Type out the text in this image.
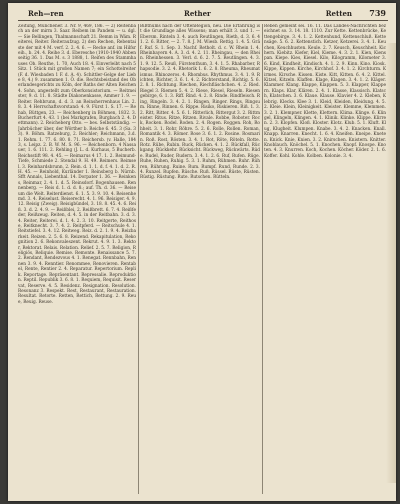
Reh—ren	Rether	Retten 739

Zeitung, Münchener. 3. Nr. 9, 469, 186. — 2) Reitenbach an der mirm 3. Saar. Reibem im Pandem — u. dgl. — Sie Bellingen, Thalmannschaft 21. Bemm in Wäm. Reiterei, Reiter. Reiteraufzug. 2) den Rechen, Rebentaiste der mit 4 M. verf. 2. 2. 4. 6. — Recke anf. im Hilfsreih., b. 24. 4. Reihe 3. d. Eberesche (1910-1940 Abbenseitig 36. 1. Das M. s. 3 1888, 1. Reifen des Stammhauses Ob. Reuthe, 1. 70, Auch 18. 4. Einverleibt nach 5 Sitz. 1 Stück mit großen Namen 7; ein Schottelreiter (F. d. Wiesbaden 1 F. d. A. 4). Schittler-Gelge der Liebe 8, 4.) 9. zusammen 1. Ö. die. Rechtsbeistand des Oberlandesgerichts zu Köln, der Raths der Alten Reichen 4. Sohn, angestellt zum Oberkonsistorium. — Reitmeister, 9. d. 11. 8. Städte Diakonenkasse, Ammer 1. 9. — Reiter. Rehbrunn, d. d. 3. an Reinsherrenhaus Lin. 2. 8. 3. 4 Herrschaftsvorstand: 4. 9. Fürst 1. S. 17. — Rehab, Büttgen, 23. — Reichenberg in Böhmen, 1832. 3. Bucherfurt 4. 43. 1 (bei Markgrafen, Burgbach 2. 4. Dettmann). 2. Reicheberg Otto. — bes. Selbstständig. — Jahrbücher über, der Wörther b. Reiche 6. 45. 3 (Sa. 33). 9. Böhm. Ratzeburg, 2. Reichler; Reichmann, 3.d. 1. Rehm. 1. 77. 6. 80. 8. 71. Reichersb. (v. Halle, 1843, s. Leipz. 2. B. W. M. S. 96. — Reichenborn. 4 Nassauer, 1. 6. 111. 2. Rehling (J. L. d. Kurhaus, 5 Bucherb. Reichsstift 98. 4. 45. — Reimarus 4 17. 1. 2. Reimund-Tiefe, Schmiede 2. Stendal 9. H. 49. Reimers. Reimsel. 3. Reinhardsbrunn, 2. Rein. d. 1. 1. d. f. 4. 1. d. 2. R. H. 45. — Reinhold, Kurländer 1. Reinsberg b. Nürnb. Sfft Annals, Liebenthal. 14. Dorpater 1. 36. — Reinkens, Reinmar, 2. 4. 1. d. 5. Reinsdorf. Bogenhausen. Rennenberg. — Reis d. 1. d. d. 8.; auf. Th. d. 36. — Reise um die Welt. Reiterdienst. 6. 1. 5. 3. 9. 10. 4. Reisenhemd. 3. 4. Reiselust. Reiserecht. 4. 1. 96. Reisiger. 4. 9. 12. Reisig (Zweig). Reisigbündel, 3. 18. 8. 45. 4. 6. Reiß. 3. d. 2. 4. 9. — Reißblei, 2. Reißbrett. 6. 7. 4. Reißfeder, Reißzeug. Reiten, d. 4. 5. in der Reitbahn. 3. d. 3. 4. Reiter, Reiterei. d. 1. 4. 2. 3. 10. Reitgerte, Reithose, Reitknecht. 3. 7. 4. 2. Reitpferd. — Reitschule 4. 1. Reitstiefel. 3. 4. 12. Reitweg. Reiz. d. 2. 1. 9. 4. Reizbarkeit. Reizen. 2. 5. 6. 8. Reizend. Rekapitulation, Rekognition 2. 6. Rekonvaleszent. Rekrut. 4. 9. 1. 3. Rektor, Rektorat. Relais. Relation. Relief. 2. 5. 7. Religion, Religiös, Reliquie. Remise. Remonte. Renaissance 5. 7. 2. Rendant, Rendezvous 4. 1. Renegat. Rennbahn, Rennen 3. 9. 4. Renntier. Renommee, Renovieren. Rentabel, Rente, Rentier 2. 4. Reparatur. Repertorium. Replik. Reportage. Repräsentant. Repressalie. Reproduktion. Reptil. Republik 3. 6. 8. 1. Requiem, Requisit. Reservat, Reserve. 4. 5. Residenz. Resignation. Resolution. Resonanz 3. Respekt. Rest, Restaurant, Restauration. Resultat. Retorte. Retten, Rettich, Rettung. 2. 9. Reue, Reuig. Reuse.

Bißthums nach der ÖftenRegion, neu. Die Erfahrung ist die Grundlage alles Wissens; man erhält 3. und 1. — Ebersm. Rinteln 3. 4. auch Reutlingen, Rieth, d. 3. 6. 41. 2. 6. Ritter, — 2. 7. 8. J. M. Wiesb. Rettig. 1. 4. 5. Gräf. Ruf. S. 1. Sep. 3. Nachf. Retholt. d. c. W. Rhein 1. 4. Rheinbayern 4. A. 3. d. 4. 2. 11. Rheingau, — den Rhein. Rheinhessen. 3. Verl. d. 6. 2. 7. 5. Reutlingen. 4. 3. 1. 9. 12. 5. Reuß, Fürstenthum, 3. 4. 1. 5. Rhabarber, Rhapsodie. 3. 2. 4. Rhetorik 1. 6. 2. 8. Rheuma, Rheumatismus. Rhinozeros. 4. Rhombus. Rhythmus. 3. 4. 1. 9. Richten, Richter, 3. 6. 1. 4. 2. Richterstand, Richtig. 5. 6. 2. 8. 1. Richtung. Riechen, Riechfläschchen. 4. 2. Ried. Riegel 3. Riemen 5. 4. 2. Riese, Riesel, Rieseln. Riesengebirge, 6. 1. 3. Riff. Rind. 4. 2. 8. Rinde. Rindfleisch. Ring, Ringeln. 3. 4. 2. 1. Ringen, Ringer. Rings, Ringsum. Rinne, Rinnen. 6. Rippe. Risiko, Riskieren. Riß. 1. 3. 2. Ritt, Ritter. 4. 5. 6. 1. Ritterlich, Rittergut 3. 2. Rittmeister. Ritus. Ritze, Ritzen. Rivale. Robbe, Roboter. Rock, Rocken. Rodel. Roden. 2. 4. Rogen. Roggen. Roh, Rohheit. 3. 1. Rohr, Röhre. 5. 2. 6. Rolle, Rollen. Roman, Romantik 4. 3. Römer. Rose 3. 6. 1. 2. Rosine. Rosmarin. Roß. Rost, Rösten. 3. 4. 1. Rot, Röte, Röteln. Rotte. Rotz. Rübe, Rubin. Ruck, Rücken. 4. 1. 2. Rückfall, Rückgang. Rückkehr. Rücksicht. Rückweg, Rückwärts. Rüde. Rudel, Ruder, Rudern. 3. 4. 1. 2. 6. Ruf, Rufen. Rüge. Ruhe, Ruhen, Ruhig. 5. 3. 1. Ruhm, Rühmen. Ruhr. Rühren, Rührung. Ruine. Rum. Rumpf. Rund, Runde. 2. 3. 4. Runzel. Rupfen. Rüsche. Ruß. Rüssel. Rüste, Rüsten. Rüstig. Rüstung. Rute. Rutschen. Rütteln.

Reben gemeint sei. 16. 11. Das Landes-Nachrichten bezeichnet so. 3. 14. 18. 1110. Zur Kette. Kettenbrücke, Kettengebirge. 3. 4. 1. 2. Kettenhund, Kettenschluß. Kettensäge. 5. 6. 2. Kettenstich. Ketzer, Ketzerei. 3. 4. 1. Keuchen, Keuchhusten. Keule. 2. 7. Keusch, Keuschheit. Kichern. Kiebitz. Kiefer, Kiel, Kieme. 4. 3. 2. 1. Kien, Kienspan. Kiepe. Kies, Kiesel. Kilo, Kilogramm, Kilometer 3. 6. Kind, Kindheit, Kindisch. 4. 1. 2. 9. Kinn. Kino. Kiosk. Kippe, Kippen. Kirche, Kirchhof. 3. 4. 1. 2. Kirchturm. Kirmes. Kirsche. Kissen. Kiste. Kitt, Kitten. 6. 4. 2. Kittel. Kitzel, Kitzeln. Klaffen. Klage, Klagen. 3. 4. 1. 2. Kläger. Klammer. Klang. Klappe, Klappen. 5. 3. Klapper, Klappern. Klaps. Klar, Klären. 2. 4. 1. Klasse, Klassisch. Klatsch, Klatschen. 3. 6. Klaue. Klause. Klavier 4. 2. Kleben, Klebrig. Klecks. Klee 3. 1. Kleid, Kleiden, Kleidung. 4. 5. 2. Kleie. Klein, Kleinigkeit. Kleister. Klemme, Klemmen. 3. 2. 1. Klempner. Klette, Klettern. Klima. Klinge. 6. Klingel, Klingeln, Klingen. 4. 1. Klinik. Klinke. Klippe. Klirren. 2. 3. Klopfen. Kloß. Kloster. Klotz. Klub. 5. 1. Kluft. Klug, Klugheit. Klumpen. Knabe. 3. 4. 2. Knacken. Knall. Knapp. Knarren. Knecht. 1. 6. 4. Kneifen. Kneipe. Kneten. Knick. Knie, Knien. 3. 2. Knirschen. Knistern. Knitter. Knoblauch. Knöchel. 5. 1. Knochen. Knopf. Knospe. Knoten. 4. 3. Knurren. Koch, Kochen. Köcher. Köder. 2. 1. 6. Koffer. Kohl. Kohle. Kolben. Kolonie. 3. 4.
